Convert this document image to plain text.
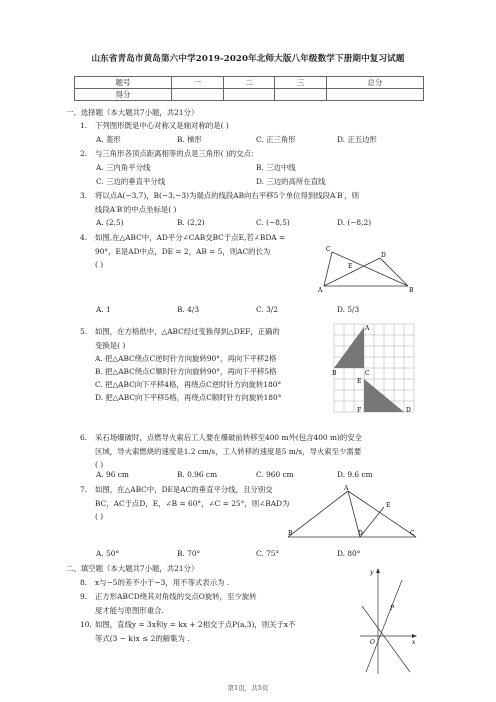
山东省青岛市黄岛第六中学2019-2020年北师大版八年级数学下册期中复习试题
题号	一	二	三	总分
得分				
一、选择题（本大题共7小题，共21分）
1. 下列图形既是中心对称又是轴对称的是( )
A. 菱形	B. 梯形	C. 正三角形	D. 正五边形
2. 与三角形各顶点距离相等的点是三角形( )的交点：
A. 三内角平分线	B. 三边中线
C. 三边的垂直平分线	D. 三边的高所在直线
3. 将以点A(−3,7)，B(−3,−3)为端点的线段AB向右平移5个单位得到线段A′B′，则
线段A′B′的中点坐标是( )
A. (2,5)	B. (2,2)	C. (−8,5)	D. (−8,2)
4. 如图,在△ABC中，AD平分∠CAB交BC于点E,若∠BDA =
90°，E是AD中点，DE = 2，AB = 5，则AC的长为
( )
C
E
D
A	B
A. 1	B. 4/3	C. 3/2	D. 5/3
5. 如图，在方格纸中，△ABC经过变换得到△DEF，正确的
变换是( )
A. 把△ABC绕点C逆时针方向旋转90°，再向下平移2格
B. 把△ABC绕点C顺时针方向旋转90°，再向下平移5格
C. 把△ABC向下平移4格，再绕点C逆时针方向旋转180°
D. 把△ABC向下平移5格，再绕点C顺时针方向旋转180°
A
B	C
E
F	D
6. 采石场爆破时，点燃导火索后工人要在爆破前转移至400 m外(包含400 m)的安全
区域，导火索燃烧的速度是1.2 cm/s，工人转移的速度是5 m/s，导火索至少需要
( )
A. 96 cm	B. 0.96 cm	C. 960 cm	D. 9.6 cm
7. 如图，在△ABC中，DE是AC的垂直平分线，且分别交
BC，AC于点D，E，∠B = 60°，∠C = 25°，则∠BAD为
( )
A
E
B	D	C
A. 50°	B. 70°	C. 75°	D. 80°
二、填空题（本大题共7小题，共21分）
8. x与−5的差不小于−3，用不等式表示为 .
9. 正方形ABCD绕其对角线的交点O旋转，至少旋转
度才能与原图形重合.
10. 如图，直线y = 3x和y = kx + 2相交于点P(a,3)，则关于x不
等式(3 − k)x ≤ 2的解集为 .
y
P
O	x
第1页，共5页
